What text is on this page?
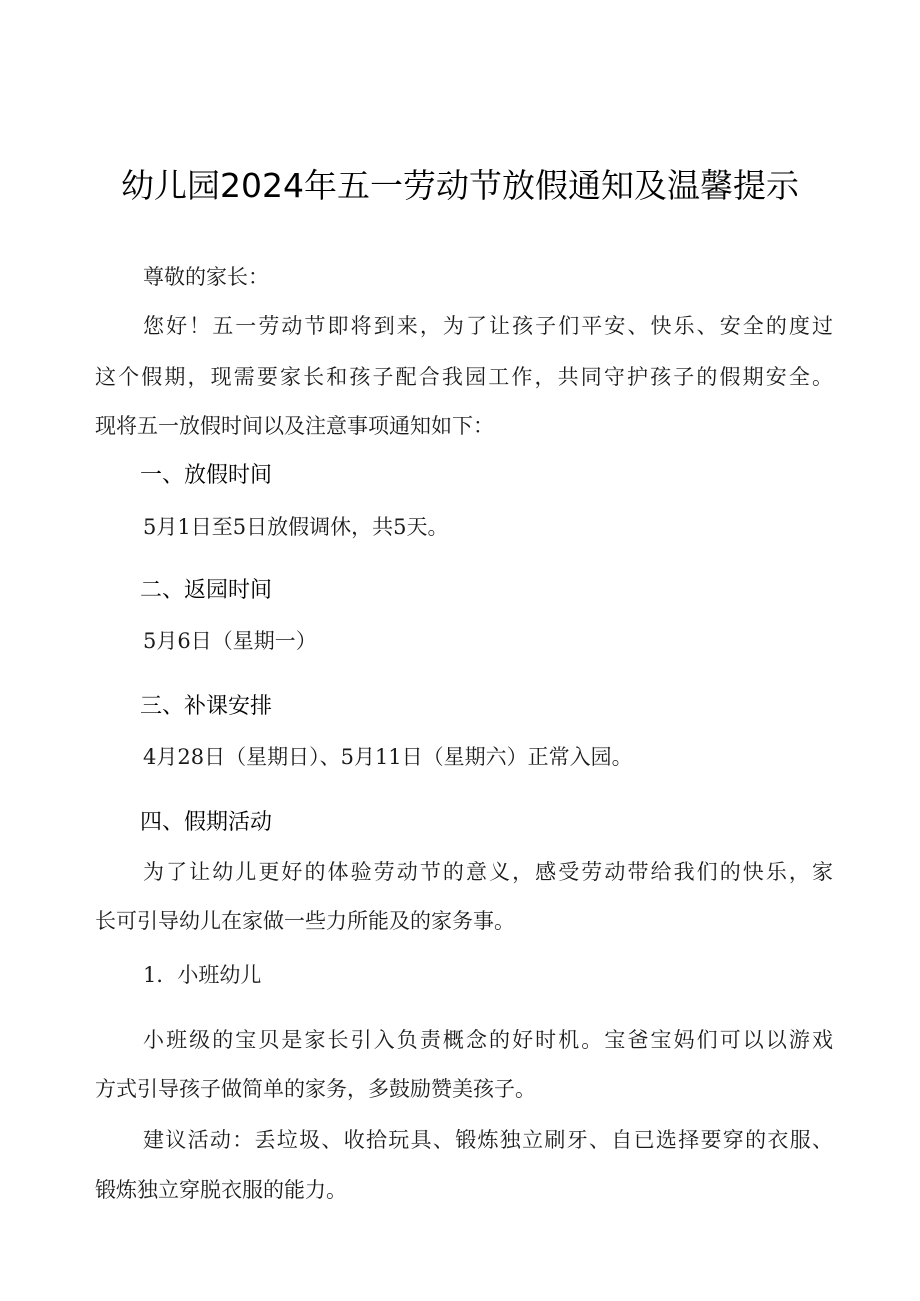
幼儿园2024年五一劳动节放假通知及温馨提示
尊敬的家长：
您好！五一劳动节即将到来，为了让孩子们平安、快乐、安全的度过
这个假期，现需要家长和孩子配合我园工作，共同守护孩子的假期安全。
现将五一放假时间以及注意事项通知如下：
一、放假时间
5月1日至5日放假调休，共5天。
二、返园时间
5月6日（星期一）
三、补课安排
4月28日（星期日）、5月11日（星期六）正常入园。
四、假期活动
为了让幼儿更好的体验劳动节的意义，感受劳动带给我们的快乐，家
长可引导幼儿在家做一些力所能及的家务事。
1．小班幼儿
小班级的宝贝是家长引入负责概念的好时机。宝爸宝妈们可以以游戏
方式引导孩子做简单的家务，多鼓励赞美孩子。
建议活动：丢垃圾、收拾玩具、锻炼独立刷牙、自已选择要穿的衣服、
锻炼独立穿脱衣服的能力。
